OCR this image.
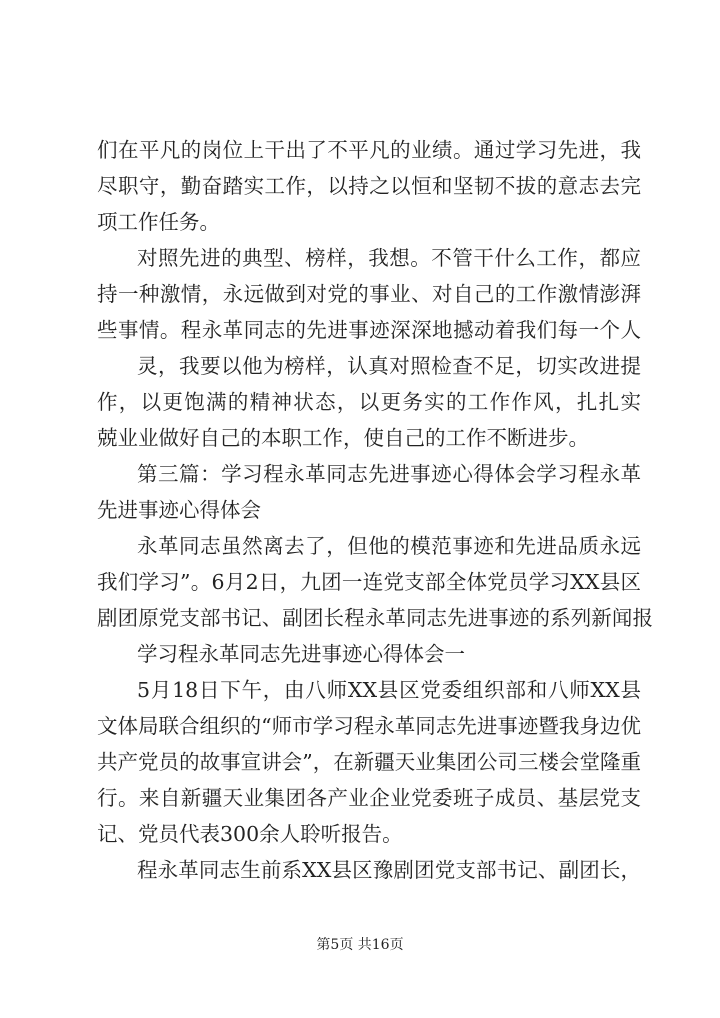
们在平凡的岗位上干出了不平凡的业绩。通过学习先进，我
尽职守，勤奋踏实工作，以持之以恒和坚韧不拔的意志去完
项工作任务。
对照先进的典型、榜样，我想。不管干什么工作，都应
持一种激情，永远做到对党的事业、对自己的工作激情澎湃
些事情。程永革同志的先进事迹深深地撼动着我们每一个人
灵，我要以他为榜样，认真对照检查不足，切实改进提
作，以更饱满的精神状态，以更务实的工作作风，扎扎实
兢业业做好自己的本职工作，使自己的工作不断进步。
第三篇：学习程永革同志先进事迹心得体会学习程永革
先进事迹心得体会
永革同志虽然离去了，但他的模范事迹和先进品质永远
我们学习”。6月2日，九团一连党支部全体党员学习XX县区
剧团原党支部书记、副团长程永革同志先进事迹的系列新闻报
学习程永革同志先进事迹心得体会一
5月18日下午，由八师XX县区党委组织部和八师XX县
文体局联合组织的“师市学习程永革同志先进事迹暨我身边优
共产党员的故事宣讲会”，在新疆天业集团公司三楼会堂隆重
行。来自新疆天业集团各产业企业党委班子成员、基层党支
记、党员代表300余人聆听报告。
程永革同志生前系XX县区豫剧团党支部书记、副团长，
第5页 共16页
